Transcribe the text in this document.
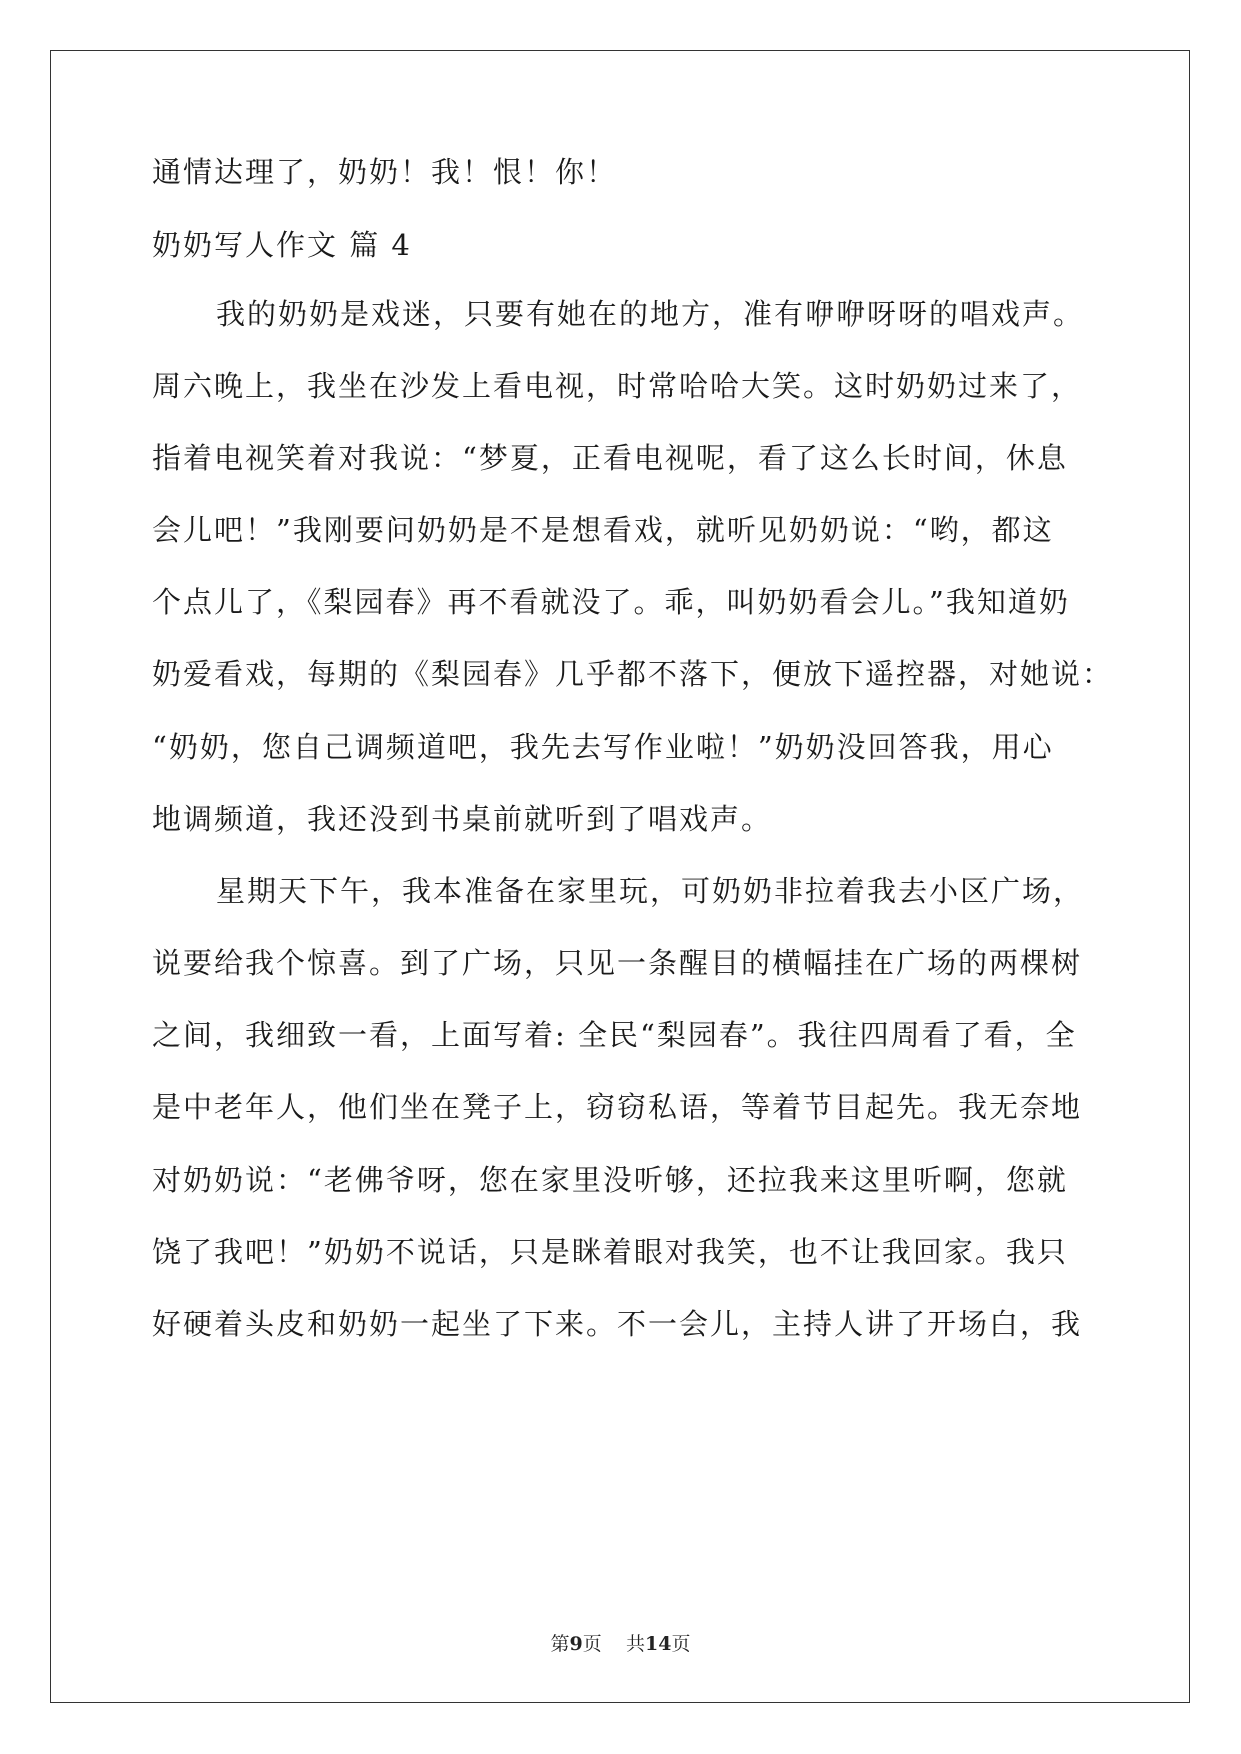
通情达理了，奶奶！我！恨！你！
奶奶写人作文 篇 4
我的奶奶是戏迷，只要有她在的地方，准有咿咿呀呀的唱戏声。
周六晚上，我坐在沙发上看电视，时常哈哈大笑。这时奶奶过来了，
指着电视笑着对我说：“梦夏，正看电视呢，看了这么长时间，休息
会儿吧！”我刚要问奶奶是不是想看戏，就听见奶奶说：“哟，都这
个点儿了，《梨园春》再不看就没了。乖，叫奶奶看会儿。”我知道奶
奶爱看戏，每期的《梨园春》几乎都不落下，便放下遥控器，对她说：
“奶奶，您自己调频道吧，我先去写作业啦！”奶奶没回答我，用心
地调频道，我还没到书桌前就听到了唱戏声。
星期天下午，我本准备在家里玩，可奶奶非拉着我去小区广场，
说要给我个惊喜。到了广场，只见一条醒目的横幅挂在广场的两棵树
之间，我细致一看，上面写着: 全民“梨园春”。我往四周看了看，全
是中老年人，他们坐在凳子上，窃窃私语，等着节目起先。我无奈地
对奶奶说：“老佛爷呀，您在家里没听够，还拉我来这里听啊，您就
饶了我吧！”奶奶不说话，只是眯着眼对我笑，也不让我回家。我只
好硬着头皮和奶奶一起坐了下来。不一会儿，主持人讲了开场白，我
第9页 共14页
